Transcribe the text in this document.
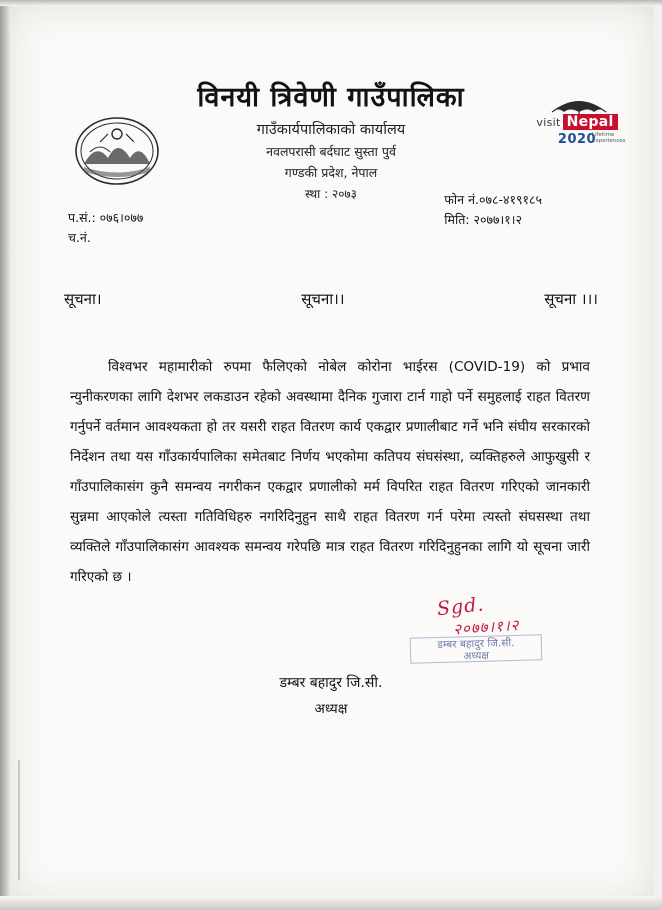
visit Nepal
2020
Lifetime Experiences
विनयी त्रिवेणी गाउँपालिका
गाउँकार्यपालिकाको कार्यालय
नवलपरासी बर्दघाट सुस्ता पुर्व
गण्डकी प्रदेश, नेपाल
स्था : २०७३	फोन नं.०७८-४१९१८५
मिति: २०७७।१।२
प.सं.: ०७६।०७७
च.नं.
सूचना।	सूचना।।	सूचना ।।।

विश्वभर महामारीको रुपमा फैलिएको नोबेल कोरोना भाईरस (COVID-19) को प्रभाव न्युनीकरणका लागि देशभर लकडाउन रहेको अवस्थामा दैनिक गुजारा टार्न गाहो पर्ने समुहलाई राहत वितरण गर्नुपर्ने वर्तमान आवश्यकता हो तर यसरी राहत वितरण कार्य एकद्वार प्रणालीबाट गर्ने भनि संघीय सरकारको निर्देशन तथा यस गाँउकार्यपालिका समेतबाट निर्णय भएकोमा कतिपय संघसंस्था, व्यक्तिहरुले आफुखुसी र गाँउपालिकासंग कुनै समन्वय नगरीकन एकद्वार प्रणालीको मर्म विपरित राहत वितरण गरिएको जानकारी सुन्नमा आएकोले त्यस्ता गतिविधिहरु नगरिदिनुहुन साथै राहत वितरण गर्न परेमा त्यस्तो संघसस्था तथा व्यक्तिले गाँउपालिकासंग आवश्यक समन्वय गरेपछि मात्र राहत वितरण गरिदिनुहुनका लागि यो सूचना जारी गरिएको छ ।

Sgd.
२०७७।१।२
डम्बर बहादुर जि.सी.
अध्यक्ष
डम्बर बहादुर जि.सी.
अध्यक्ष
